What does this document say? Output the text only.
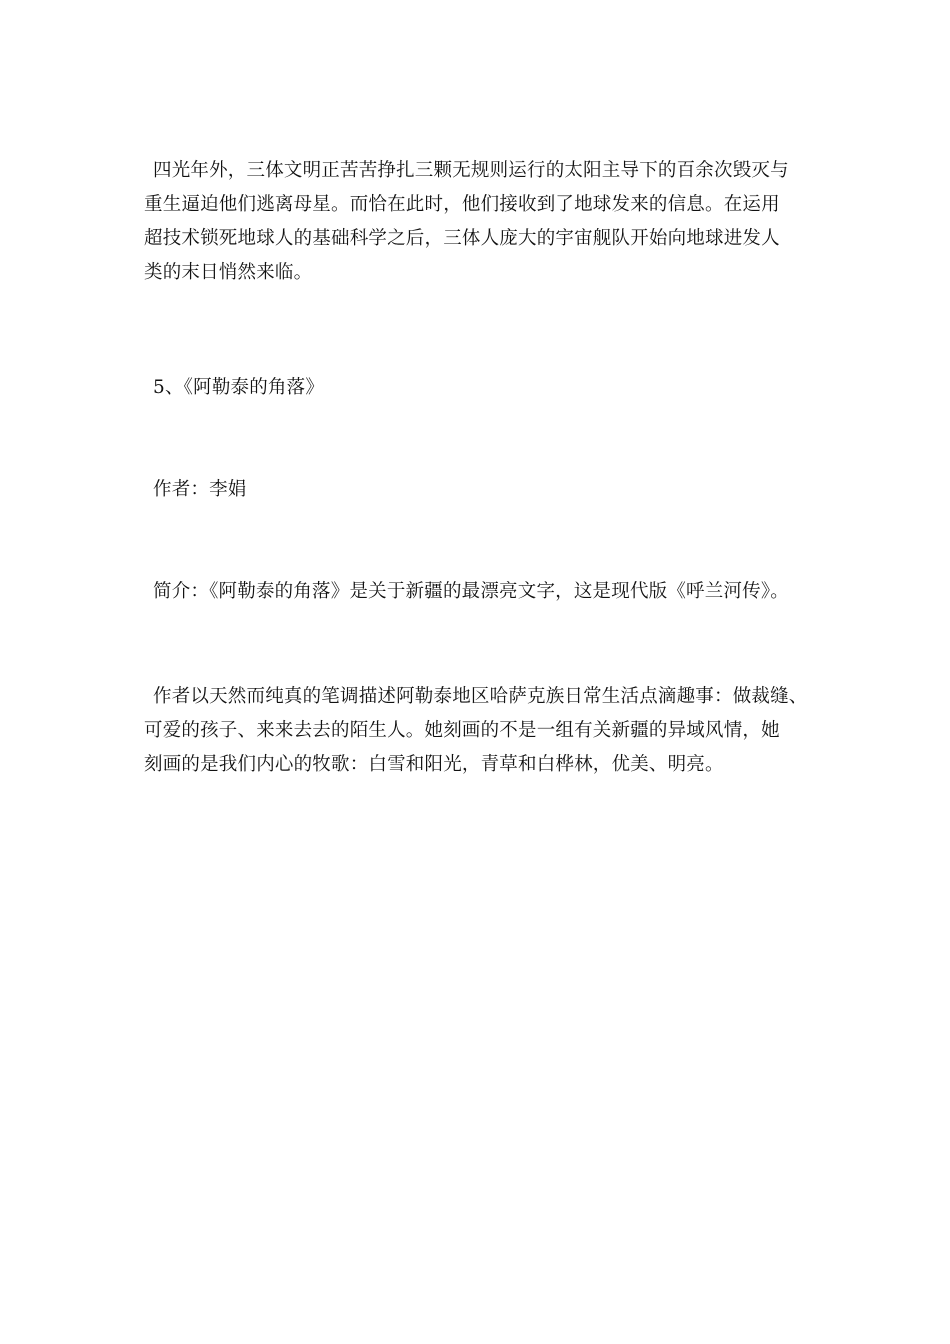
四光年外，三体文明正苦苦挣扎三颗无规则运行的太阳主导下的百余次毁灭与
重生逼迫他们逃离母星。而恰在此时，他们接收到了地球发来的信息。在运用
超技术锁死地球人的基础科学之后，三体人庞大的宇宙舰队开始向地球进发人
类的末日悄然来临。
5、《阿勒泰的角落》
作者：李娟
简介：《阿勒泰的角落》是关于新疆的最漂亮文字，这是现代版《呼兰河传》。
作者以天然而纯真的笔调描述阿勒泰地区哈萨克族日常生活点滴趣事：做裁缝、
可爱的孩子、来来去去的陌生人。她刻画的不是一组有关新疆的异域风情，她
刻画的是我们内心的牧歌：白雪和阳光，青草和白桦林，优美、明亮。
